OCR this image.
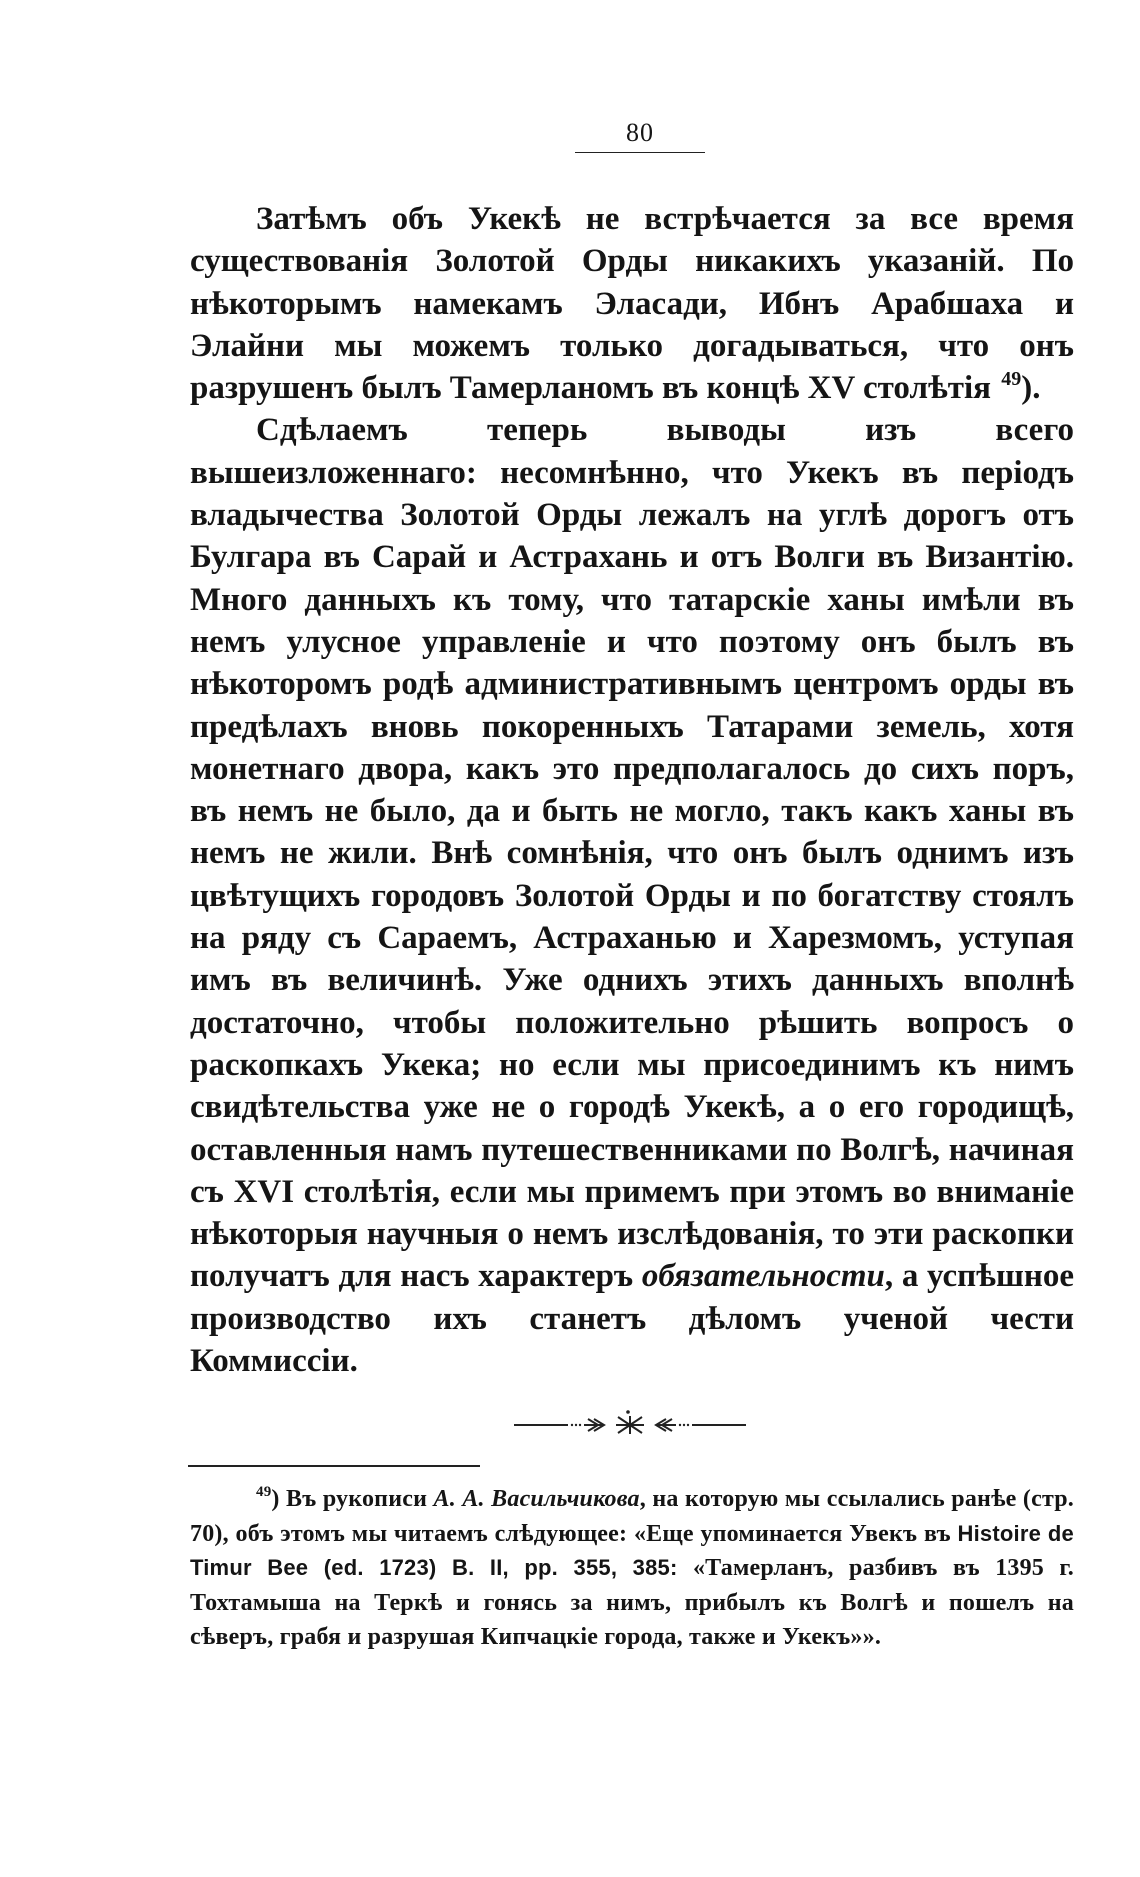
80

Затѣмъ объ Укекѣ не встрѣчается за все время существованія Золотой Орды никакихъ указаній. По нѣкоторымъ намекамъ Эласади, Ибнъ Арабшаха и Элайни мы можемъ только догадываться, что онъ разрушенъ былъ Тамерланомъ въ концѣ XV столѣтія $^{49}$).

Сдѣлаемъ теперь выводы изъ всего вышеизложеннаго: несомнѣнно, что Укекъ въ періодъ владычества Золотой Орды лежалъ на углѣ дорогъ отъ Булгара въ Сарай и Астрахань и отъ Волги въ Византію. Много данныхъ къ тому, что татарскіе ханы имѣли въ немъ улусное управленіе и что поэтому онъ былъ въ нѣкоторомъ родѣ административнымъ центромъ орды въ предѣлахъ вновь покоренныхъ Татарами земель, хотя монетнаго двора, какъ это предполагалось до сихъ поръ, въ немъ не было, да и быть не могло, такъ какъ ханы въ немъ не жили. Внѣ сомнѣнія, что онъ былъ однимъ изъ цвѣтущихъ городовъ Золотой Орды и по богатству стоялъ на ряду съ Сараемъ, Астраханью и Харезмомъ, уступая имъ въ величинѣ. Уже однихъ этихъ данныхъ вполнѣ достаточно, чтобы положительно рѣшить вопросъ о раскопкахъ Укека; но если мы присоединимъ къ нимъ свидѣтельства уже не о городѣ Укекѣ, а о его городищѣ, оставленныя намъ путешественниками по Волгѣ, начиная съ XVI столѣтія, если мы примемъ при этомъ во вниманіе нѣкоторыя научныя о немъ изслѣдованія, то эти раскопки получатъ для насъ характеръ обязательности, а успѣшное производство ихъ станетъ дѣломъ ученой чести Коммиссіи.

$^{49}$) Въ рукописи А. А. Васильчикова, на которую мы ссылались ранѣе (стр. 70), объ этомъ мы читаемъ слѣдующее: «Еще упоминается Увекъ въ Histoire de Timur Bee (ed. 1723) B. II, pp. 355, 385: «Тамерланъ, разбивъ въ 1395 г. Тохтамыша на Теркѣ и гонясь за нимъ, прибылъ къ Волгѣ и пошелъ на сѣверъ, грабя и разрушая Кипчацкіе города, также и Укекъ»».
